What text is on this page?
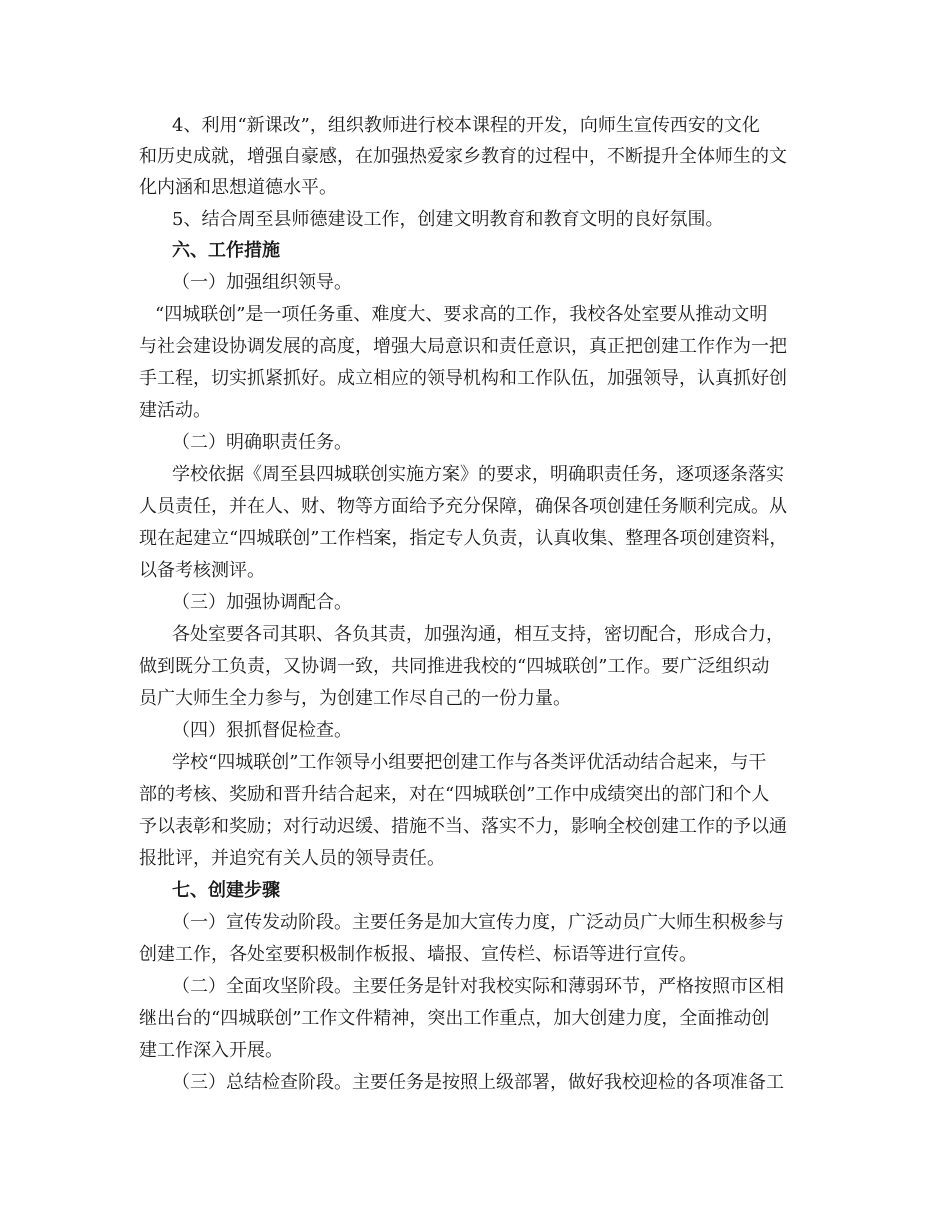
4、利用“新课改”，组织教师进行校本课程的开发，向师生宣传西安的文化
和历史成就，增强自豪感，在加强热爱家乡教育的过程中，不断提升全体师生的文
化内涵和思想道德水平。
5、结合周至县师德建设工作，创建文明教育和教育文明的良好氛围。
六、工作措施
（一）加强组织领导。
“四城联创”是一项任务重、难度大、要求高的工作，我校各处室要从推动文明
与社会建设协调发展的高度，增强大局意识和责任意识，真正把创建工作作为一把
手工程，切实抓紧抓好。成立相应的领导机构和工作队伍，加强领导，认真抓好创
建活动。
（二）明确职责任务。
学校依据《周至县四城联创实施方案》的要求，明确职责任务，逐项逐条落实
人员责任，并在人、财、物等方面给予充分保障，确保各项创建任务顺利完成。从
现在起建立“四城联创”工作档案，指定专人负责，认真收集、整理各项创建资料，
以备考核测评。
（三）加强协调配合。
各处室要各司其职、各负其责，加强沟通，相互支持，密切配合，形成合力，
做到既分工负责，又协调一致，共同推进我校的“四城联创”工作。要广泛组织动
员广大师生全力参与，为创建工作尽自己的一份力量。
（四）狠抓督促检查。
学校“四城联创”工作领导小组要把创建工作与各类评优活动结合起来，与干
部的考核、奖励和晋升结合起来，对在“四城联创”工作中成绩突出的部门和个人
予以表彰和奖励；对行动迟缓、措施不当、落实不力，影响全校创建工作的予以通
报批评，并追究有关人员的领导责任。
七、创建步骤
（一）宣传发动阶段。主要任务是加大宣传力度，广泛动员广大师生积极参与
创建工作，各处室要积极制作板报、墙报、宣传栏、标语等进行宣传。
（二）全面攻坚阶段。主要任务是针对我校实际和薄弱环节，严格按照市区相
继出台的“四城联创”工作文件精神，突出工作重点，加大创建力度，全面推动创
建工作深入开展。
（三）总结检查阶段。主要任务是按照上级部署，做好我校迎检的各项准备工
